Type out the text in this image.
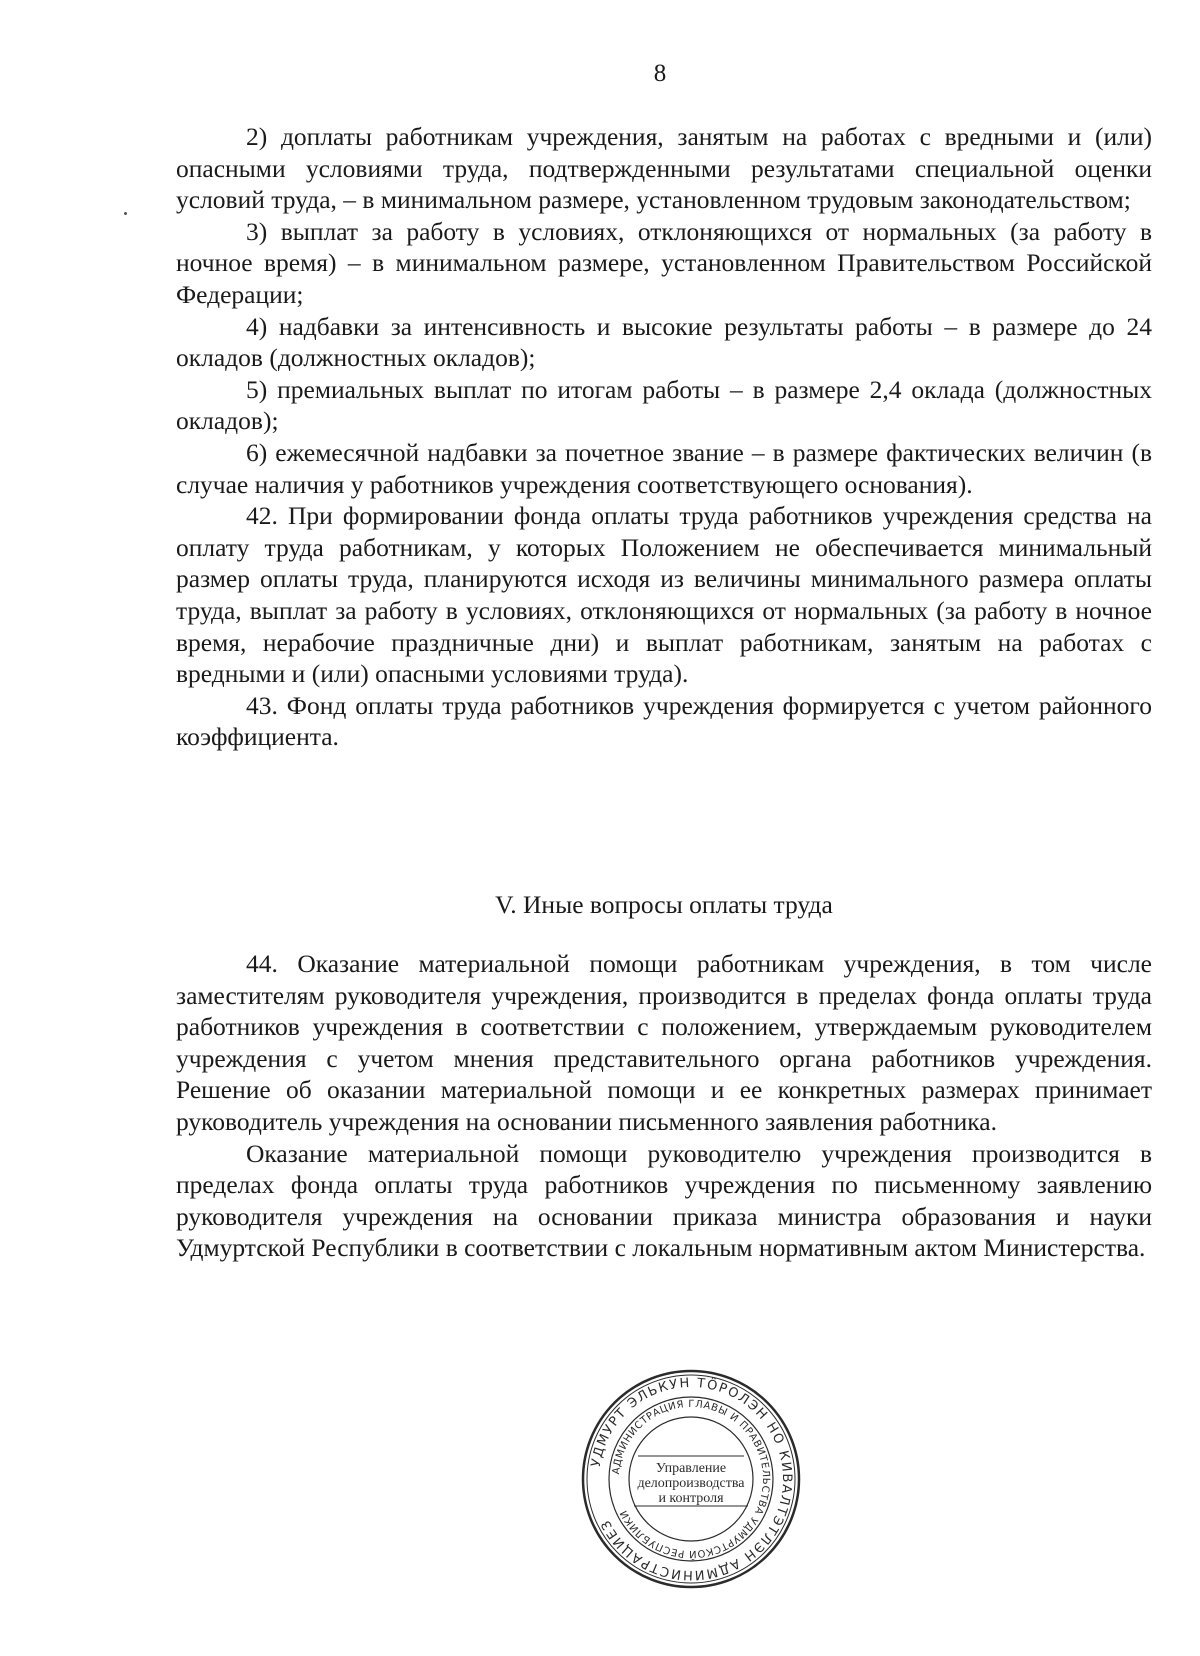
8

2) доплаты работникам учреждения, занятым на работах с вредными и (или) опасными условиями труда, подтвержденными результатами специальной оценки условий труда, – в минимальном размере, установленном трудовым законодательством;

3) выплат за работу в условиях, отклоняющихся от нормальных (за работу в ночное время) – в минимальном размере, установленном Правительством Российской Федерации;

4) надбавки за интенсивность и высокие результаты работы – в размере до 24 окладов (должностных окладов);

5) премиальных выплат по итогам работы – в размере 2,4 оклада (должностных окладов);

6) ежемесячной надбавки за почетное звание – в размере фактических величин (в случае наличия у работников учреждения соответствующего основания).

42. При формировании фонда оплаты труда работников учреждения средства на оплату труда работникам, у которых Положением не обеспечивается минимальный размер оплаты труда, планируются исходя из величины минимального размера оплаты труда, выплат за работу в условиях, отклоняющихся от нормальных (за работу в ночное время, нерабочие праздничные дни) и выплат работникам, занятым на работах с вредными и (или) опасными условиями труда).

43. Фонд оплаты труда работников учреждения формируется с учетом районного коэффициента.

V. Иные вопросы оплаты труда

44. Оказание материальной помощи работникам учреждения, в том числе заместителям руководителя учреждения, производится в пределах фонда оплаты труда работников учреждения в соответствии с положением, утверждаемым руководителем учреждения с учетом мнения представительного органа работников учреждения. Решение об оказании материальной помощи и ее конкретных размерах принимает руководитель учреждения на основании письменного заявления работника.

Оказание материальной помощи руководителю учреждения производится в пределах фонда оплаты труда работников учреждения по письменному заявлению руководителя учреждения на основании приказа министра образования и науки Удмуртской Республики в соответствии с локальным нормативным актом Министерства.

УДМУРТ ЭЛЬКУН ТӦРОЛЭН НО КИВАЛТЭТЛЭН АДМИНИСТРАЦИЕЗ
АДМИНИСТРАЦИЯ ГЛАВЫ И ПРАВИТЕЛЬСТВА УДМУРТСКОЙ РЕСПУБЛИКИ
Управление
делопроизводства
и контроля
